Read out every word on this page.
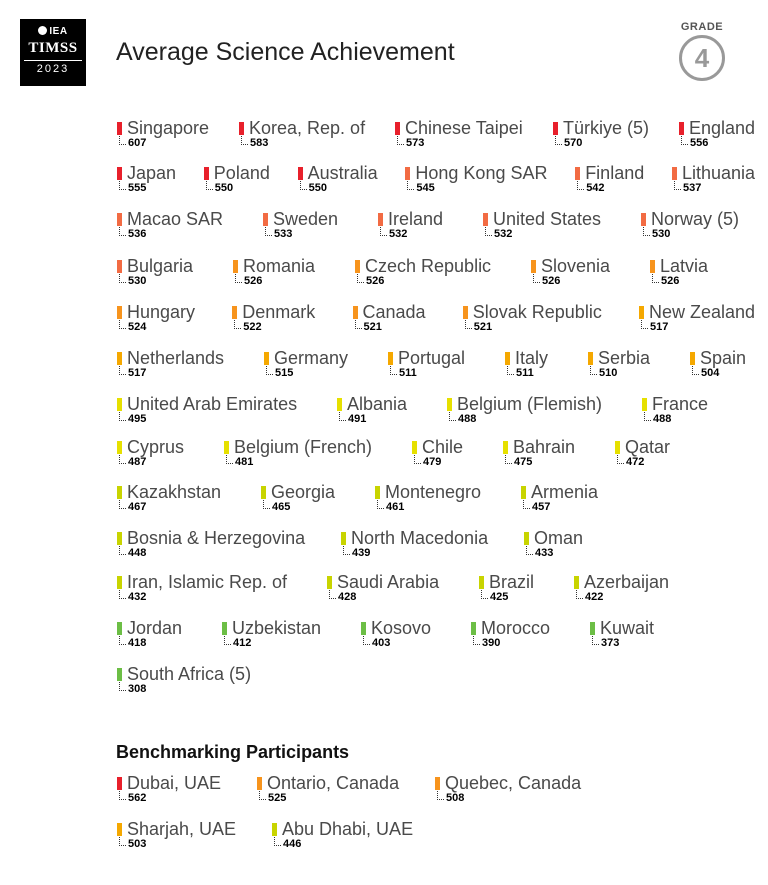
IEA
TIMSS
2023
Average Science Achievement
GRADE
4
Singapore
607
Korea, Rep. of
583
Chinese Taipei
573
Türkiye (5)
570
England
556
Japan
555
Poland
550
Australia
550
Hong Kong SAR
545
Finland
542
Lithuania
537
Macao SAR
536
Sweden
533
Ireland
532
United States
532
Norway (5)
530
Bulgaria
530
Romania
526
Czech Republic
526
Slovenia
526
Latvia
526
Hungary
524
Denmark
522
Canada
521
Slovak Republic
521
New Zealand
517
Netherlands
517
Germany
515
Portugal
511
Italy
511
Serbia
510
Spain
504
United Arab Emirates
495
Albania
491
Belgium (Flemish)
488
France
488
Cyprus
487
Belgium (French)
481
Chile
479
Bahrain
475
Qatar
472
Kazakhstan
467
Georgia
465
Montenegro
461
Armenia
457
Bosnia & Herzegovina
448
North Macedonia
439
Oman
433
Iran, Islamic Rep. of
432
Saudi Arabia
428
Brazil
425
Azerbaijan
422
Jordan
418
Uzbekistan
412
Kosovo
403
Morocco
390
Kuwait
373
South Africa (5)
308
Benchmarking Participants
Dubai, UAE
562
Ontario, Canada
525
Quebec, Canada
508
Sharjah, UAE
503
Abu Dhabi, UAE
446
